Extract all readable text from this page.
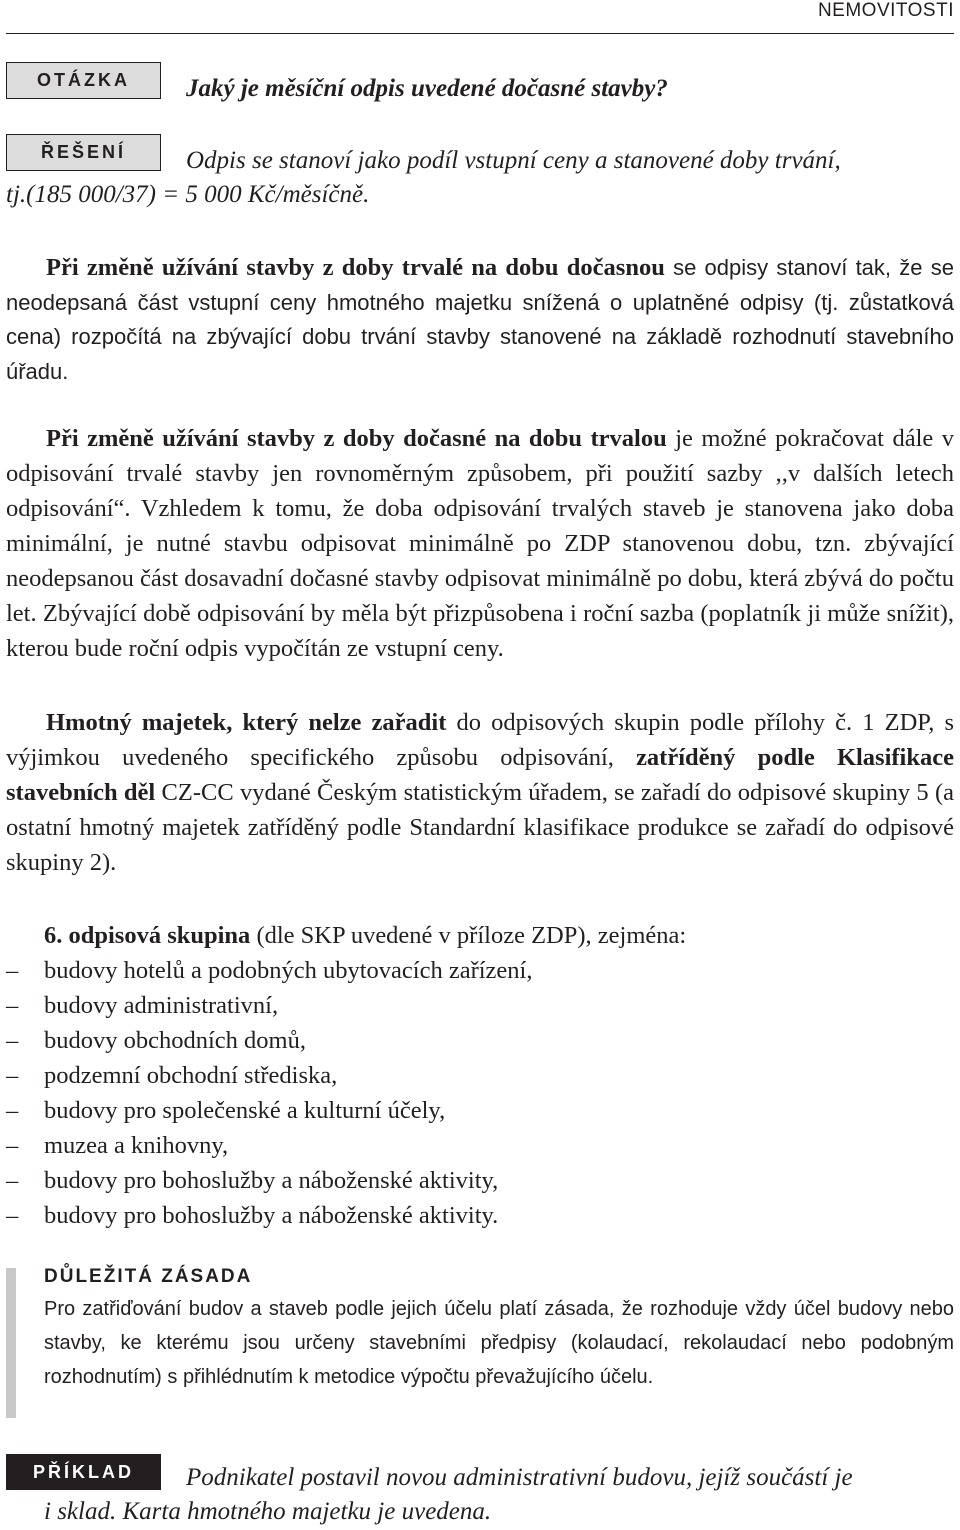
NEMOVITOSTI
OTÁZKA	Jaký je měsíční odpis uvedené dočasné stavby?
ŘEŠENÍ	Odpis se stanoví jako podíl vstupní ceny a stanovené doby trvání,
tj.(185 000/37) = 5 000 Kč/měsíčně.
Při změně užívání stavby z doby trvalé na dobu dočasnou se odpisy stanoví tak, že se neodepsaná část vstupní ceny hmotného majetku snížená o uplatněné odpisy (tj. zůstatková cena) rozpočítá na zbývající dobu trvání stavby stanovené na základě rozhodnutí stavebního úřadu.
Při změně užívání stavby z doby dočasné na dobu trvalou je možné pokračovat dále v odpisování trvalé stavby jen rovnoměrným způsobem, při použití sazby ,,v dalších letech odpisování“. Vzhledem k tomu, že doba odpisování trvalých staveb je stanovena jako doba minimální, je nutné stavbu odpisovat minimálně po ZDP stanovenou dobu, tzn. zbývající neodepsanou část dosavadní dočasné stavby odpisovat minimálně po dobu, která zbývá do počtu let. Zbývající době odpisování by měla být přizpůsobena i roční sazba (poplatník ji může snížit), kterou bude roční odpis vypočítán ze vstupní ceny.
Hmotný majetek, který nelze zařadit do odpisových skupin podle přílohy č. 1 ZDP, s výjimkou uvedeného specifického způsobu odpisování, zatříděný podle Klasifikace stavebních děl CZ-CC vydané Českým statistickým úřadem, se zařadí do odpisové skupiny 5 (a ostatní hmotný majetek zatříděný podle Standardní klasifikace produkce se zařadí do odpisové skupiny 2).
6. odpisová skupina (dle SKP uvedené v příloze ZDP), zejména:
– budovy hotelů a podobných ubytovacích zařízení,
– budovy administrativní,
– budovy obchodních domů,
– podzemní obchodní střediska,
– budovy pro společenské a kulturní účely,
– muzea a knihovny,
– budovy pro bohoslužby a náboženské aktivity,
– budovy pro bohoslužby a náboženské aktivity.
DŮLEŽITÁ ZÁSADA
Pro zatřiďování budov a staveb podle jejich účelu platí zásada, že rozhoduje vždy účel budovy nebo stavby, ke kterému jsou určeny stavebními předpisy (kolaudací, rekolaudací nebo podobným rozhodnutím) s přihlédnutím k metodice výpočtu převažujícího účelu.
PŘÍKLAD	Podnikatel postavil novou administrativní budovu, jejíž součástí je
i sklad. Karta hmotného majetku je uvedena.
